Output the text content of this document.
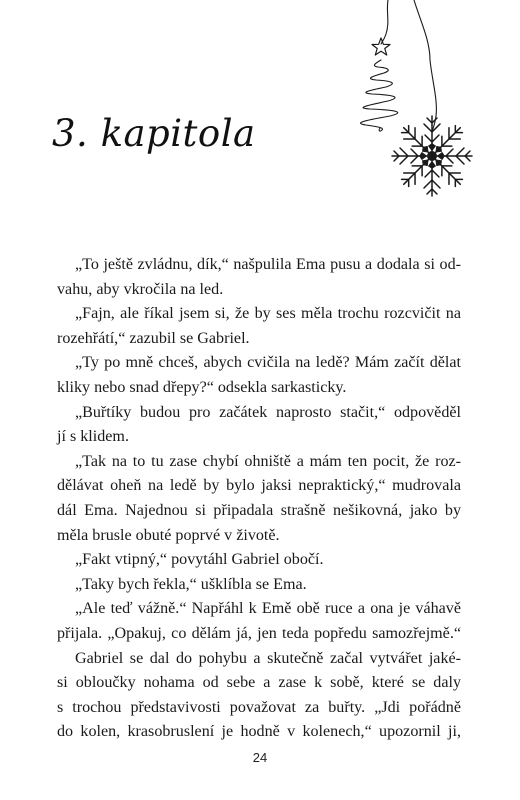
3. kapitola
„To ještě zvládnu, dík,“ našpulila Ema pusu a dodala si od-
vahu, aby vkročila na led.
„Fajn, ale říkal jsem si, že by ses měla trochu rozcvičit na
rozehřátí,“ zazubil se Gabriel.
„Ty po mně chceš, abych cvičila na ledě? Mám začít dělat
kliky nebo snad dřepy?“ odsekla sarkasticky.
„Buřtíky budou pro začátek naprosto stačit,“ odpověděl
jí s klidem.
„Tak na to tu zase chybí ohniště a mám ten pocit, že roz-
dělávat oheň na ledě by bylo jaksi nepraktický,“ mudrovala
dál Ema. Najednou si připadala strašně nešikovná, jako by
měla brusle obuté poprvé v životě.
„Fakt vtipný,“ povytáhl Gabriel obočí.
„Taky bych řekla,“ ušklíbla se Ema.
„Ale teď vážně.“ Napřáhl k Emě obě ruce a ona je váhavě
přijala. „Opakuj, co dělám já, jen teda popředu samozřejmě.“
Gabriel se dal do pohybu a skutečně začal vytvářet jaké-
si obloučky nohama od sebe a zase k sobě, které se daly
s trochou představivosti považovat za buřty. „Jdi pořádně
do kolen, krasobruslení je hodně v kolenech,“ upozornil ji,
24
